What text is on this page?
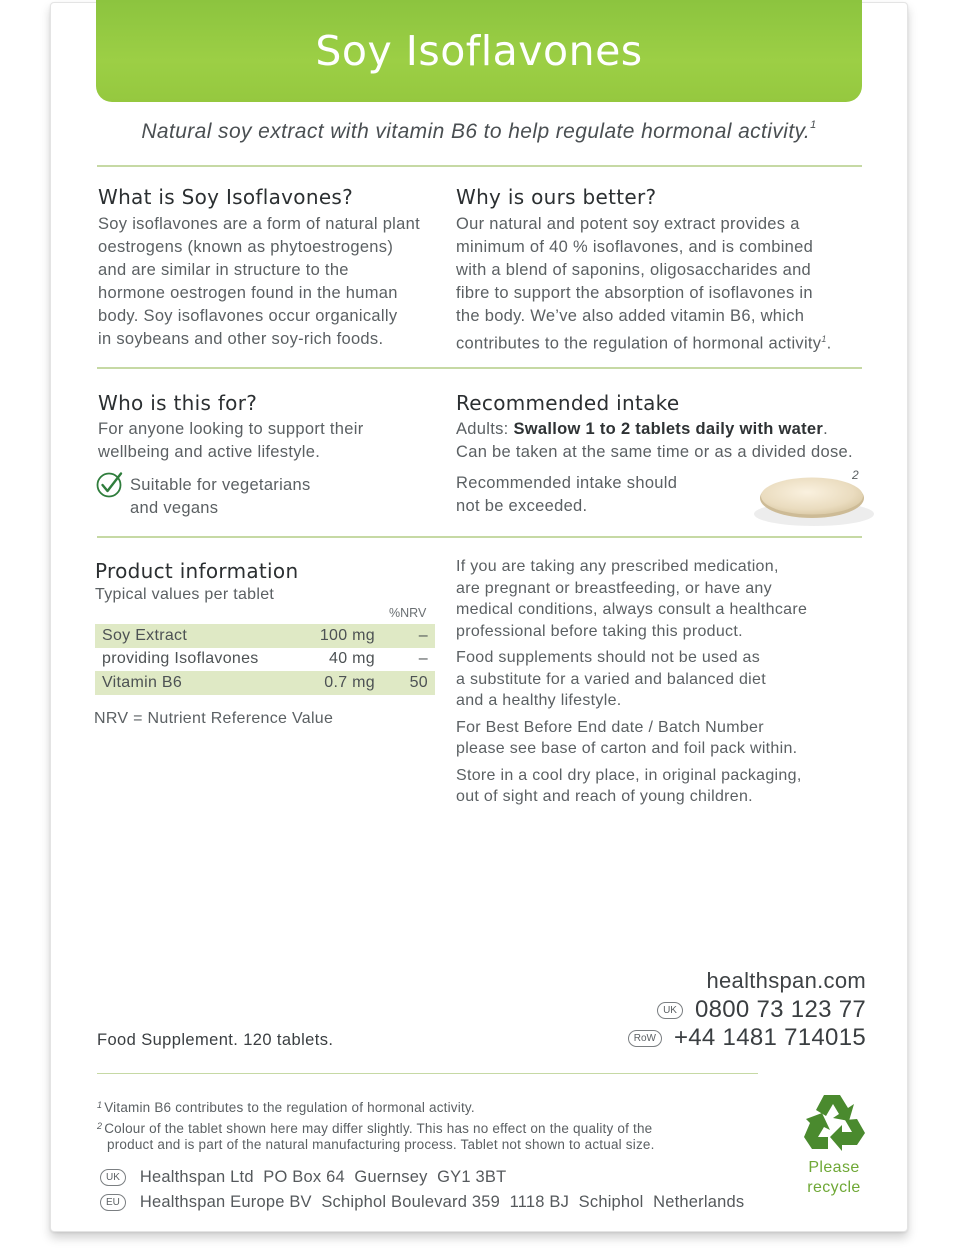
Soy Isoflavones
Natural soy extract with vitamin B6 to help regulate hormonal activity.$^1$
What is Soy Isoflavones?
Soy isoflavones are a form of natural plant
oestrogens (known as phytoestrogens)
and are similar in structure to the
hormone oestrogen found in the human
body. Soy isoflavones occur organically
in soybeans and other soy-rich foods.
Why is ours better?
Our natural and potent soy extract provides a
minimum of 40 % isoflavones, and is combined
with a blend of saponins, oligosaccharides and
fibre to support the absorption of isoflavones in
the body. We’ve also added vitamin B6, which
contributes to the regulation of hormonal activity$^1$.
Who is this for?
For anyone looking to support their
wellbeing and active lifestyle.
Suitable for vegetarians
and vegans
Recommended intake
Adults: Swallow 1 to 2 tablets daily with water.
Can be taken at the same time or as a divided dose.
Recommended intake should
not be exceeded.
2
Product information
Typical values per tablet
%NRV
Soy Extract	100 mg	–
providing Isoflavones	40 mg	–
Vitamin B6	0.7 mg	50
NRV = Nutrient Reference Value
If you are taking any prescribed medication,
are pregnant or breastfeeding, or have any
medical conditions, always consult a healthcare
professional before taking this product.
Food supplements should not be used as
a substitute for a varied and balanced diet
and a healthy lifestyle.
For Best Before End date / Batch Number
please see base of carton and foil pack within.
Store in a cool dry place, in original packaging,
out of sight and reach of young children.
healthspan.com
UK 0800 73 123 77
RoW +44 1481 714015
Food Supplement. 120 tablets.
$^1$ Vitamin B6 contributes to the regulation of hormonal activity.
$^2$ Colour of the tablet shown here may differ slightly. This has no effect on the quality of the
product and is part of the natural manufacturing process. Tablet not shown to actual size.
UK	Healthspan Ltd  PO Box 64  Guernsey  GY1 3BT
EU	Healthspan Europe BV  Schiphol Boulevard 359  1118 BJ  Schiphol  Netherlands
Please
recycle
